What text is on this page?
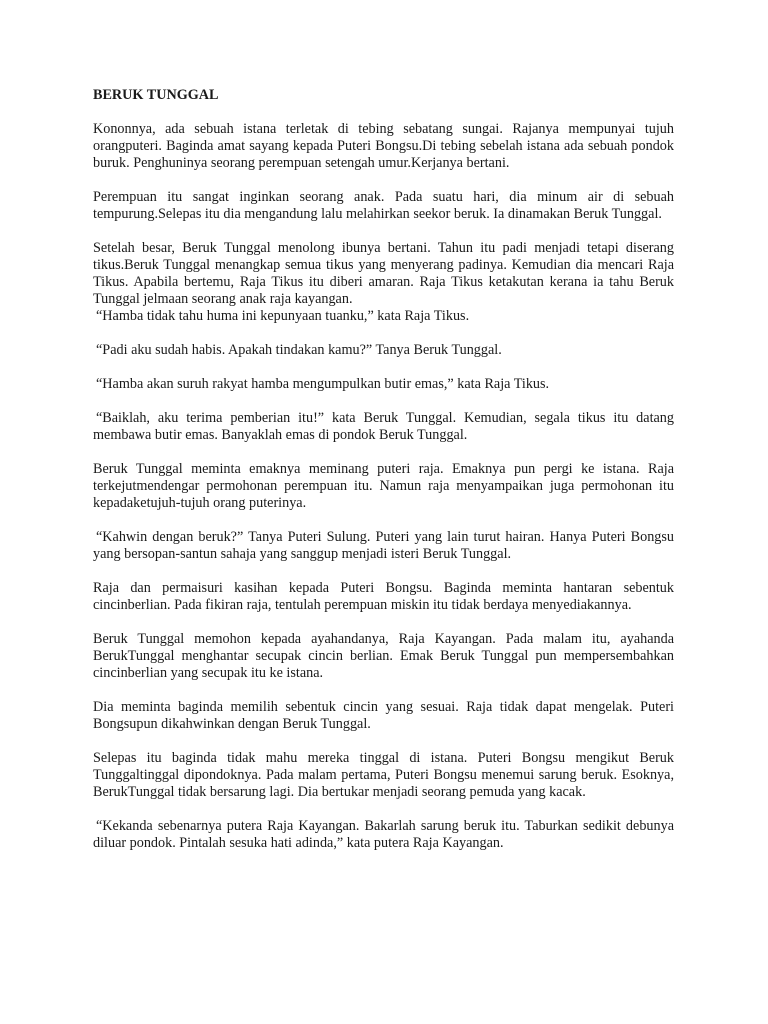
BERUK TUNGGAL

Kononnya, ada sebuah istana terletak di tebing sebatang sungai. Rajanya mempunyai tujuh orangputeri. Baginda amat sayang kepada Puteri Bongsu.Di tebing sebelah istana ada sebuah pondok buruk. Penghuninya seorang perempuan setengah umur.Kerjanya bertani.

Perempuan itu sangat inginkan seorang anak. Pada suatu hari, dia minum air di sebuah tempurung.Selepas itu dia mengandung lalu melahirkan seekor beruk. Ia dinamakan Beruk Tunggal.

Setelah besar, Beruk Tunggal menolong ibunya bertani. Tahun itu padi menjadi tetapi diserang tikus.Beruk Tunggal menangkap semua tikus yang menyerang padinya. Kemudian dia mencari Raja Tikus. Apabila bertemu, Raja Tikus itu diberi amaran. Raja Tikus ketakutan kerana ia tahu Beruk Tunggal jelmaan seorang anak raja kayangan.

“Hamba tidak tahu huma ini kepunyaan tuanku,” kata Raja Tikus.

“Padi aku sudah habis. Apakah tindakan kamu?” Tanya Beruk Tunggal.

“Hamba akan suruh rakyat hamba mengumpulkan butir emas,” kata Raja Tikus.

“Baiklah, aku terima pemberian itu!” kata Beruk Tunggal. Kemudian, segala tikus itu datang membawa butir emas. Banyaklah emas di pondok Beruk Tunggal.

Beruk Tunggal meminta emaknya meminang puteri raja. Emaknya pun pergi ke istana. Raja terkejutmendengar permohonan perempuan itu. Namun raja menyampaikan juga permohonan itu kepadaketujuh-tujuh orang puterinya.

“Kahwin dengan beruk?” Tanya Puteri Sulung. Puteri yang lain turut hairan. Hanya Puteri Bongsu yang bersopan-santun sahaja yang sanggup menjadi isteri Beruk Tunggal.

Raja dan permaisuri kasihan kepada Puteri Bongsu. Baginda meminta hantaran sebentuk cincinberlian. Pada fikiran raja, tentulah perempuan miskin itu tidak berdaya menyediakannya.

Beruk Tunggal memohon kepada ayahandanya, Raja Kayangan. Pada malam itu, ayahanda BerukTunggal menghantar secupak cincin berlian. Emak Beruk Tunggal pun mempersembahkan cincinberlian yang secupak itu ke istana.

Dia meminta baginda memilih sebentuk cincin yang sesuai. Raja tidak dapat mengelak. Puteri Bongsupun dikahwinkan dengan Beruk Tunggal.

Selepas itu baginda tidak mahu mereka tinggal di istana. Puteri Bongsu mengikut Beruk Tunggaltinggal dipondoknya. Pada malam pertama, Puteri Bongsu menemui sarung beruk. Esoknya, BerukTunggal tidak bersarung lagi. Dia bertukar menjadi seorang pemuda yang kacak.

“Kekanda sebenarnya putera Raja Kayangan. Bakarlah sarung beruk itu. Taburkan sedikit debunya diluar pondok. Pintalah sesuka hati adinda,” kata putera Raja Kayangan.
